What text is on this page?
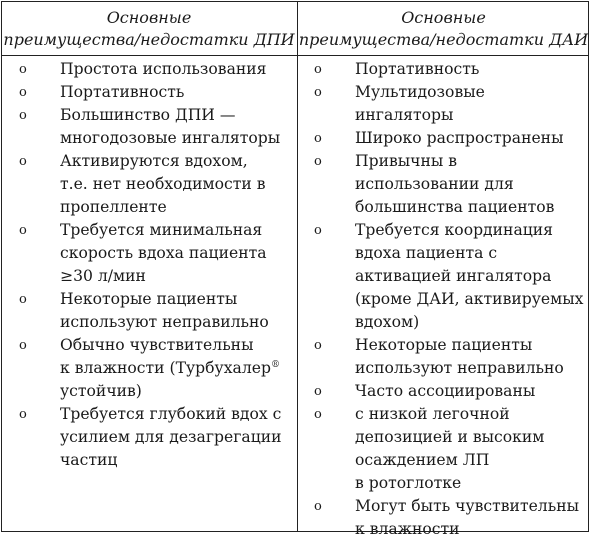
Основные
преимущества/недостатки ДПИ
Основные
преимущества/недостатки ДАИ
o Простота использования
o Портативность
o Большинство ДПИ —
многодозовые ингаляторы
o Активируются вдохом,
т.е. нет необходимости в
пропелленте
o Требуется минимальная
скорость вдоха пациента
≥30 л/мин
o Некоторые пациенты
используют неправильно
o Обычно чувствительны
к влажности (Турбухалер®
устойчив)
o Требуется глубокий вдох с
усилием для дезагрегации
частиц
o Портативность
o Мультидозовые
ингаляторы
o Широко распространены
o Привычны в
использовании для
большинства пациентов
o Требуется координация
вдоха пациента с
активацией ингалятора
(кроме ДАИ, активируемых
вдохом)
o Некоторые пациенты
используют неправильно
o Часто ассоциированы
o с низкой легочной
депозицией и высоким
осаждением ЛП
в ротоглотке
o Могут быть чувствительны
к влажности
